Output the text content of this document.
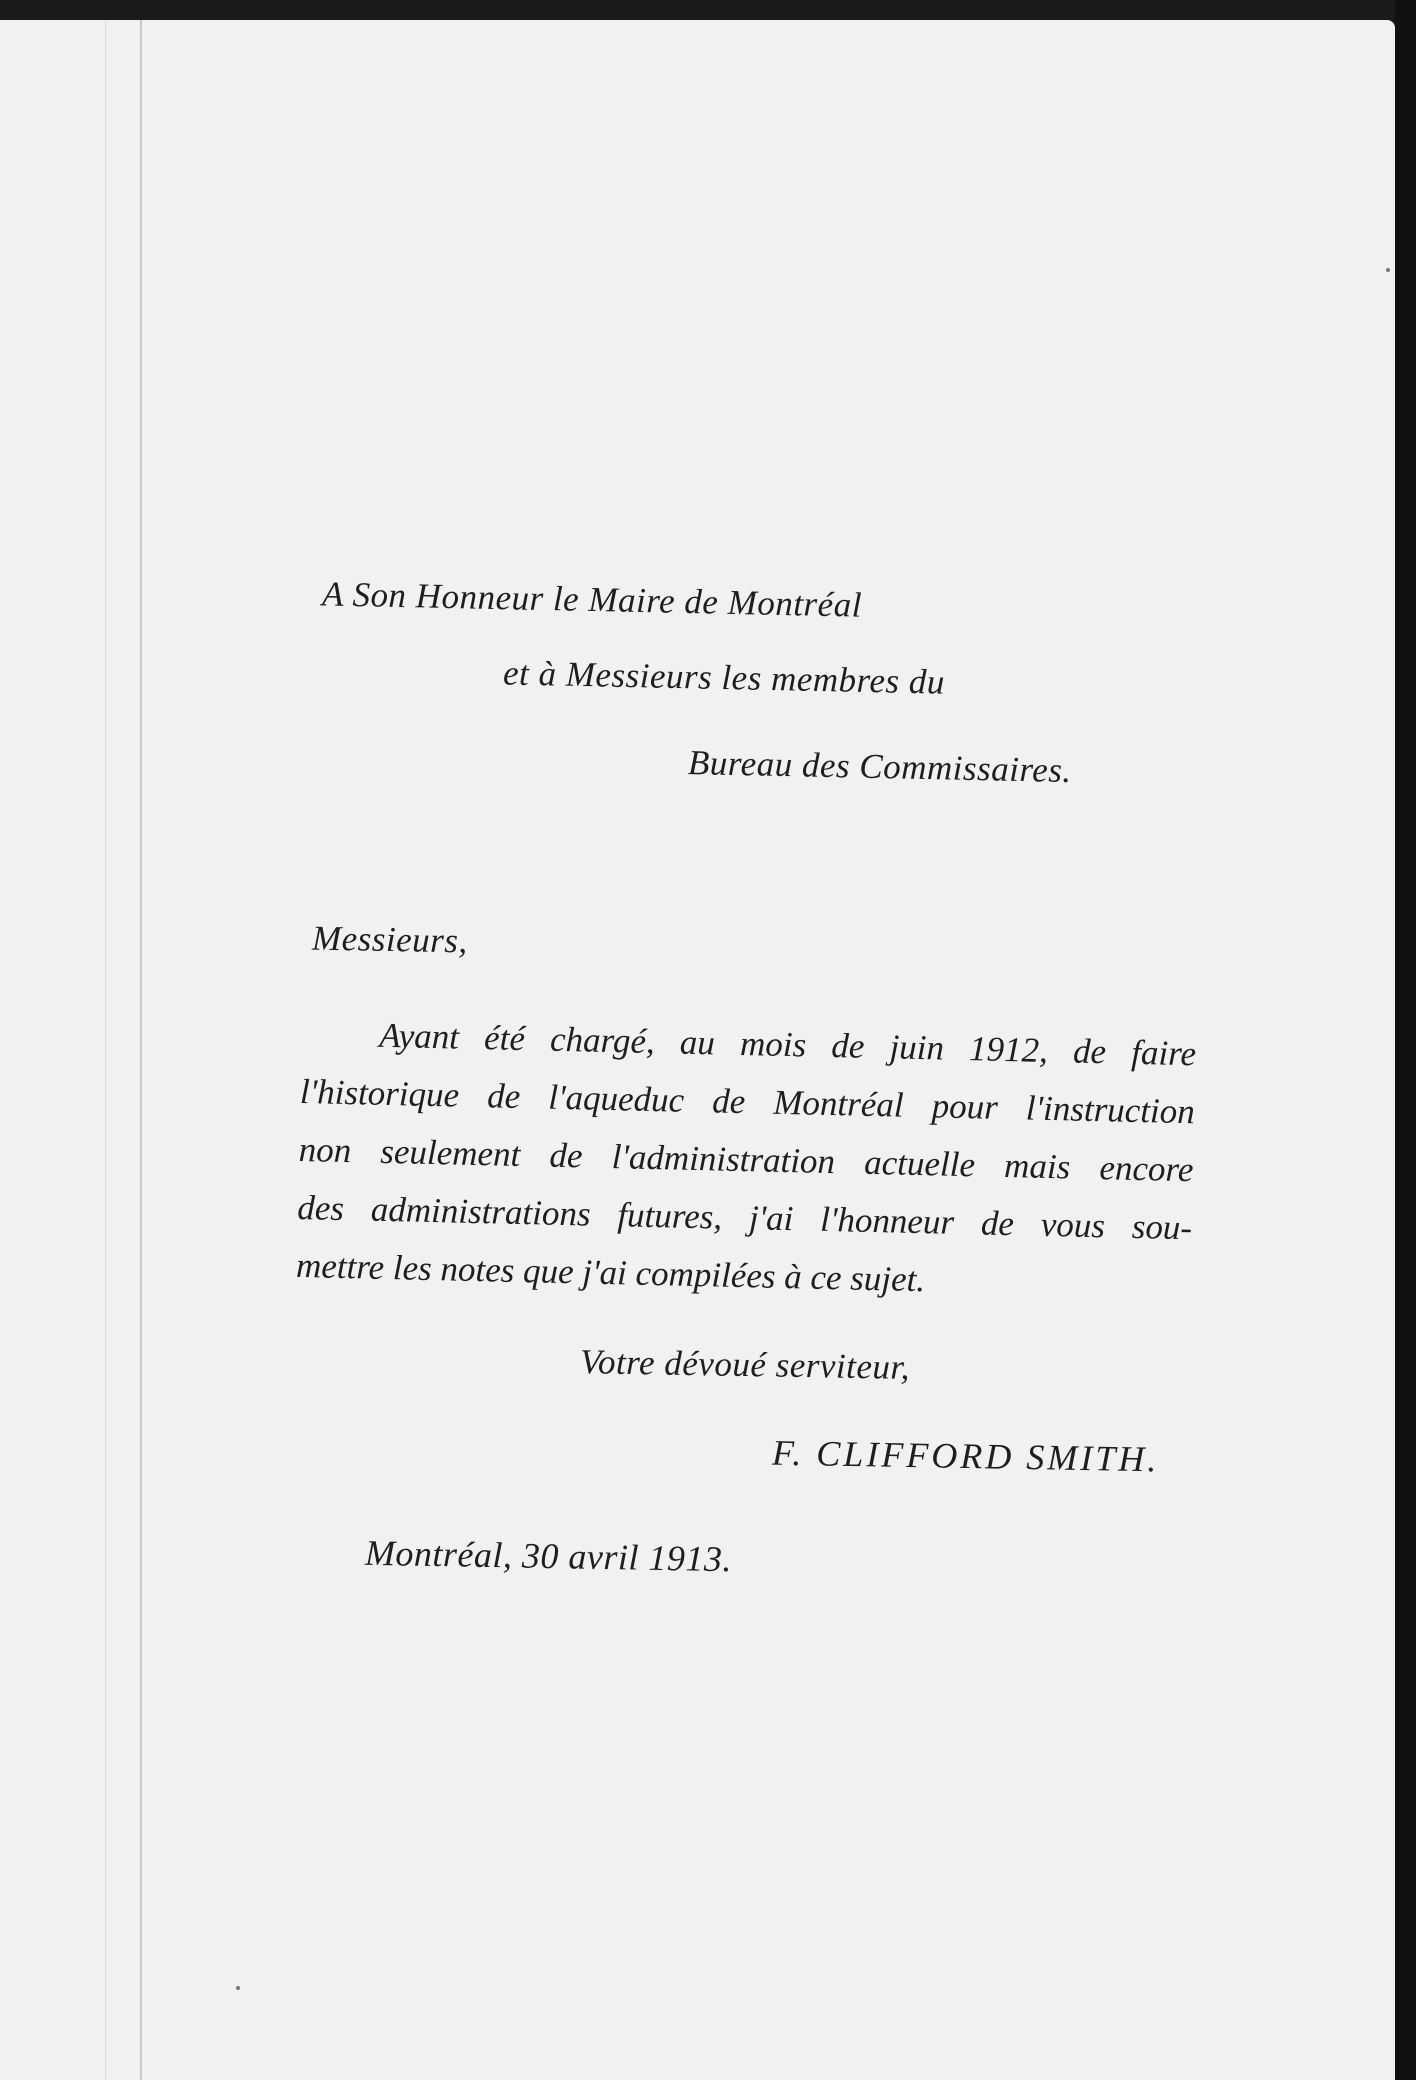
A Son Honneur le Maire de Montréal
et à Messieurs les membres du
Bureau des Commissaires.
Messieurs,
Ayant été chargé, au mois de juin 1912, de faire
l'historique de l'aqueduc de Montréal pour l'instruction
non seulement de l'administration actuelle mais encore
des administrations futures, j'ai l'honneur de vous sou-
mettre les notes que j'ai compilées à ce sujet.
Votre dévoué serviteur,
F. CLIFFORD SMITH.
Montréal, 30 avril 1913.
